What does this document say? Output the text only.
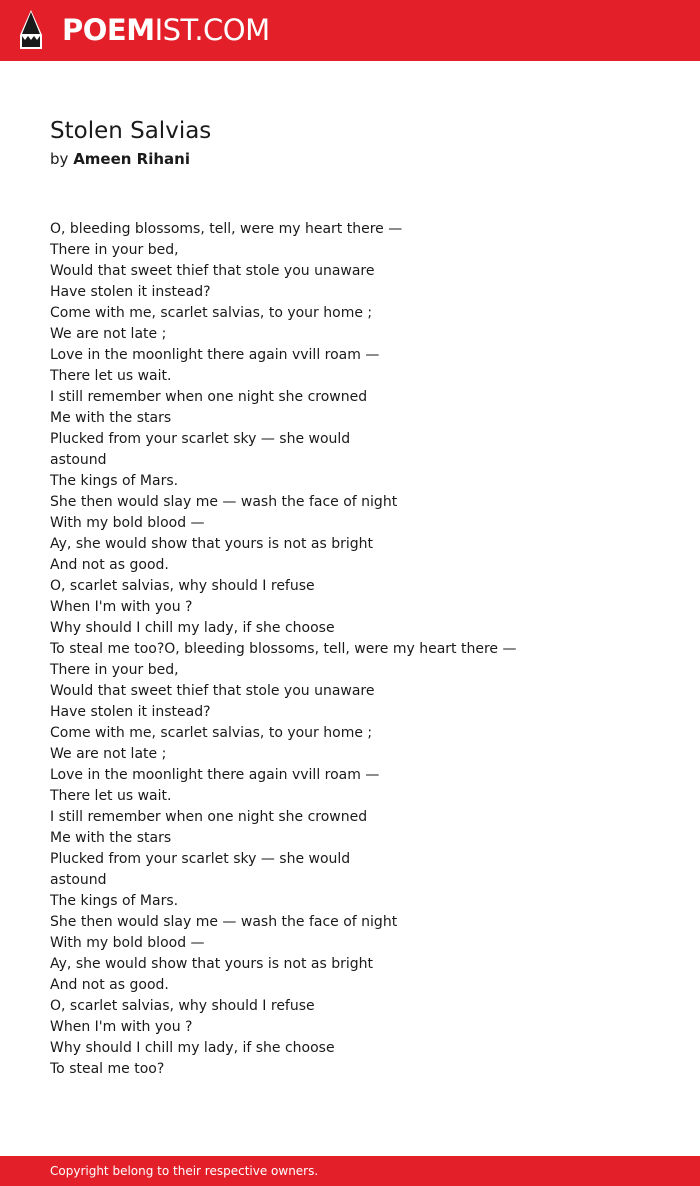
POEMIST.COM
Stolen Salvias
by Ameen Rihani
O, bleeding blossoms, tell, were my heart there —
There in your bed,
Would that sweet thief that stole you unaware
Have stolen it instead?
Come with me, scarlet salvias, to your home ;
We are not late ;
Love in the moonlight there again vvill roam —
There let us wait.
I still remember when one night she crowned
Me with the stars
Plucked from your scarlet sky — she would
astound
The kings of Mars.
She then would slay me — wash the face of night
With my bold blood —
Ay, she would show that yours is not as bright
And not as good.
O, scarlet salvias, why should I refuse
When I'm with you ?
Why should I chill my lady, if she choose
To steal me too?O, bleeding blossoms, tell, were my heart there —
There in your bed,
Would that sweet thief that stole you unaware
Have stolen it instead?
Come with me, scarlet salvias, to your home ;
We are not late ;
Love in the moonlight there again vvill roam —
There let us wait.
I still remember when one night she crowned
Me with the stars
Plucked from your scarlet sky — she would
astound
The kings of Mars.
She then would slay me — wash the face of night
With my bold blood —
Ay, she would show that yours is not as bright
And not as good.
O, scarlet salvias, why should I refuse
When I'm with you ?
Why should I chill my lady, if she choose
To steal me too?
Copyright belong to their respective owners.
